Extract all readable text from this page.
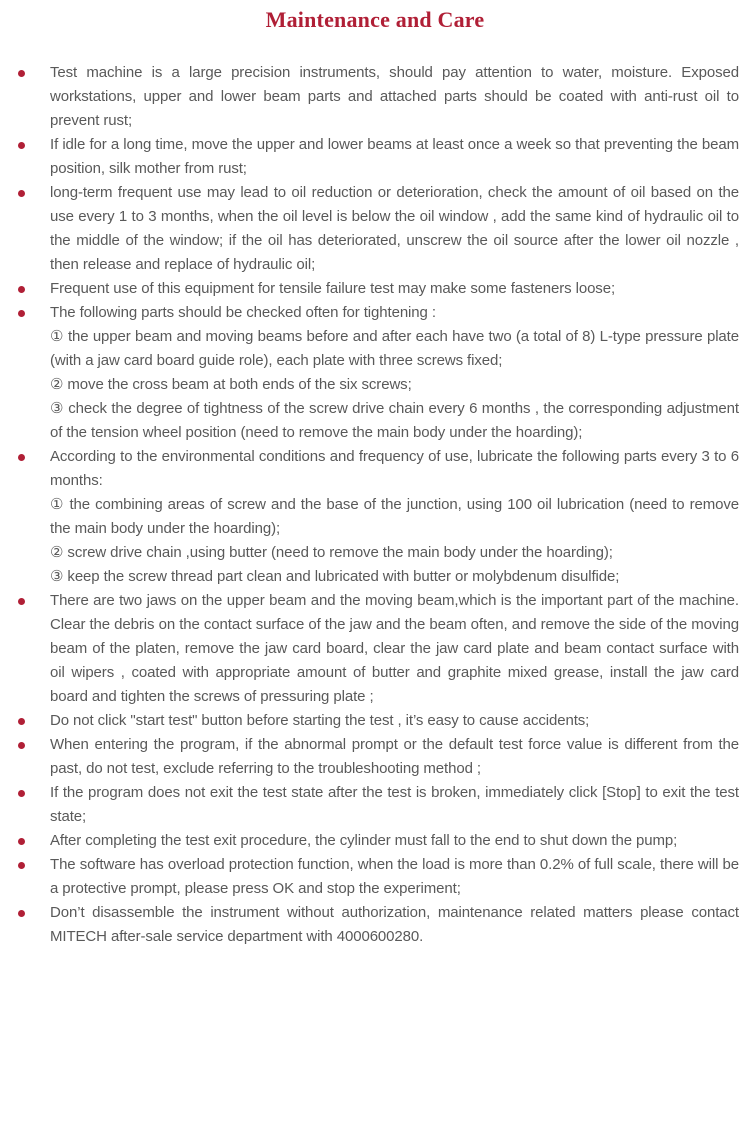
Maintenance and Care
Test machine is a large precision instruments, should pay attention to water, moisture. Exposed workstations, upper and lower beam parts and attached parts should be coated with anti-rust oil to prevent rust;
If idle for a long time, move the upper and lower beams at least once a week so that preventing the beam position, silk mother from rust;
long-term frequent use may lead to oil reduction or deterioration, check the amount of oil based on the use every 1 to 3 months, when the oil level is below the oil window , add the same kind of hydraulic oil to the middle of the window; if the oil has deteriorated, unscrew the oil source after the lower oil nozzle , then release and replace of hydraulic oil;
Frequent use of this equipment for tensile failure test may make some fasteners loose;
The following parts should be checked often for tightening :
① the upper beam and moving beams before and after each have two (a total of 8) L-type pressure plate (with a jaw card board guide role), each plate with three screws fixed;
② move the cross beam at both ends of the six screws;
③ check the degree of tightness of the screw drive chain every 6 months , the corresponding adjustment of the tension wheel position (need to remove the main body under the hoarding);
According to the environmental conditions and frequency of use, lubricate the following parts every 3 to 6 months:
① the combining areas of screw and the base of the junction, using 100 oil lubrication (need to remove the main body under the hoarding);
② screw drive chain ,using butter (need to remove the main body under the hoarding);
③ keep the screw thread part clean and lubricated with butter or molybdenum disulfide;
There are two jaws on the upper beam and the moving beam,which is the important part of the machine. Clear the debris on the contact surface of the jaw and the beam often, and remove the side of the moving beam of the platen, remove the jaw card board, clear the jaw card plate and beam contact surface with oil wipers , coated with appropriate amount of butter and graphite mixed grease, install the jaw card board and tighten the screws of pressuring plate ;
Do not click "start test" button before starting the test , it’s easy to cause accidents;
When entering the program, if the abnormal prompt or the default test force value is different from the past, do not test, exclude referring to the troubleshooting method ;
If the program does not exit the test state after the test is broken, immediately click [Stop] to exit the test state;
After completing the test exit procedure, the cylinder must fall to the end to shut down the pump;
The software has overload protection function, when the load is more than 0.2% of full scale, there will be a protective prompt, please press OK and stop the experiment;
Don’t disassemble the instrument without authorization, maintenance related matters please contact MITECH after-sale service department with 4000600280.
